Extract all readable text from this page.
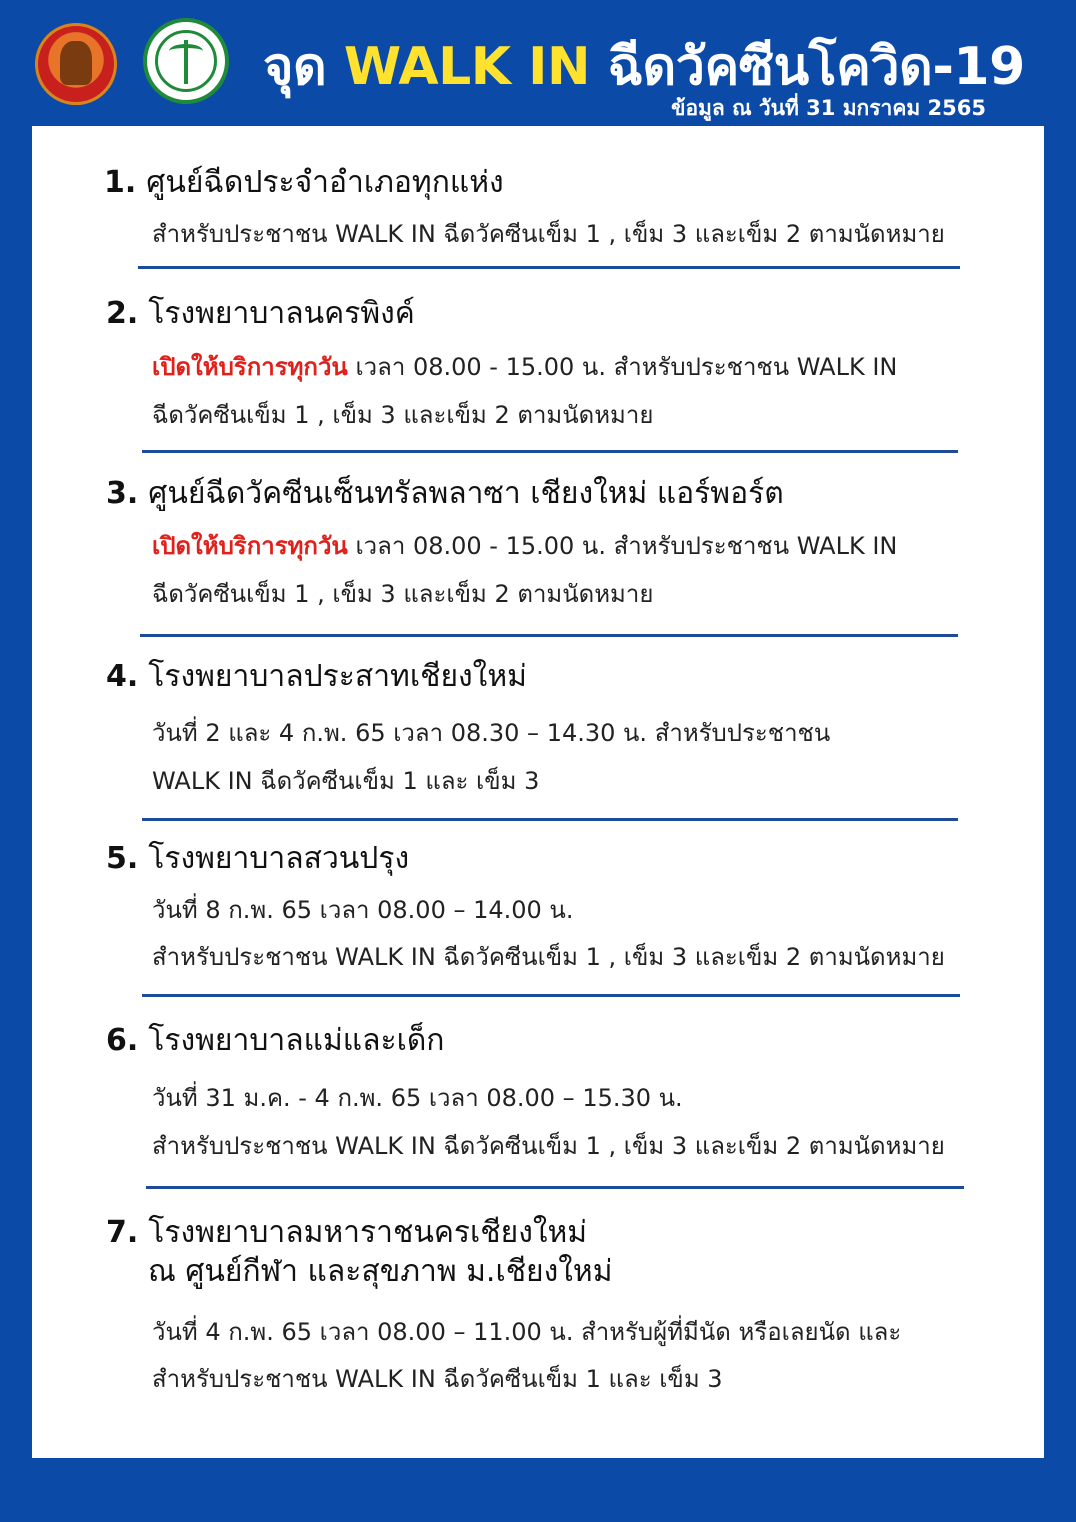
จุด WALK IN ฉีดวัคซีนโควิด-19
ข้อมูล ณ วันที่ 31 มกราคม 2565
1. ศูนย์ฉีดประจำอำเภอทุกแห่ง

สำหรับประชาชน WALK IN ฉีดวัคซีนเข็ม 1 , เข็ม 3 และเข็ม 2 ตามนัดหมาย

2. โรงพยาบาลนครพิงค์

เปิดให้บริการทุกวัน เวลา 08.00 - 15.00 น. สำหรับประชาชน WALK IN

ฉีดวัคซีนเข็ม 1 , เข็ม 3 และเข็ม 2 ตามนัดหมาย

3. ศูนย์ฉีดวัคซีนเซ็นทรัลพลาซา เชียงใหม่ แอร์พอร์ต

เปิดให้บริการทุกวัน เวลา 08.00 - 15.00 น. สำหรับประชาชน WALK IN

ฉีดวัคซีนเข็ม 1 , เข็ม 3 และเข็ม 2 ตามนัดหมาย

4. โรงพยาบาลประสาทเชียงใหม่

วันที่ 2 และ 4 ก.พ. 65 เวลา 08.30 – 14.30 น. สำหรับประชาชน

WALK IN ฉีดวัคซีนเข็ม 1 และ เข็ม 3

5. โรงพยาบาลสวนปรุง

วันที่ 8 ก.พ. 65 เวลา 08.00 – 14.00 น.

สำหรับประชาชน WALK IN ฉีดวัคซีนเข็ม 1 , เข็ม 3 และเข็ม 2 ตามนัดหมาย

6. โรงพยาบาลแม่และเด็ก

วันที่ 31 ม.ค. - 4 ก.พ. 65 เวลา 08.00 – 15.30 น.

สำหรับประชาชน WALK IN ฉีดวัคซีนเข็ม 1 , เข็ม 3 และเข็ม 2 ตามนัดหมาย

7. โรงพยาบาลมหาราชนครเชียงใหม่
ณ ศูนย์กีฬา และสุขภาพ ม.เชียงใหม่

วันที่ 4 ก.พ. 65 เวลา 08.00 – 11.00 น. สำหรับผู้ที่มีนัด หรือเลยนัด และ

สำหรับประชาชน WALK IN ฉีดวัคซีนเข็ม 1 และ เข็ม 3
